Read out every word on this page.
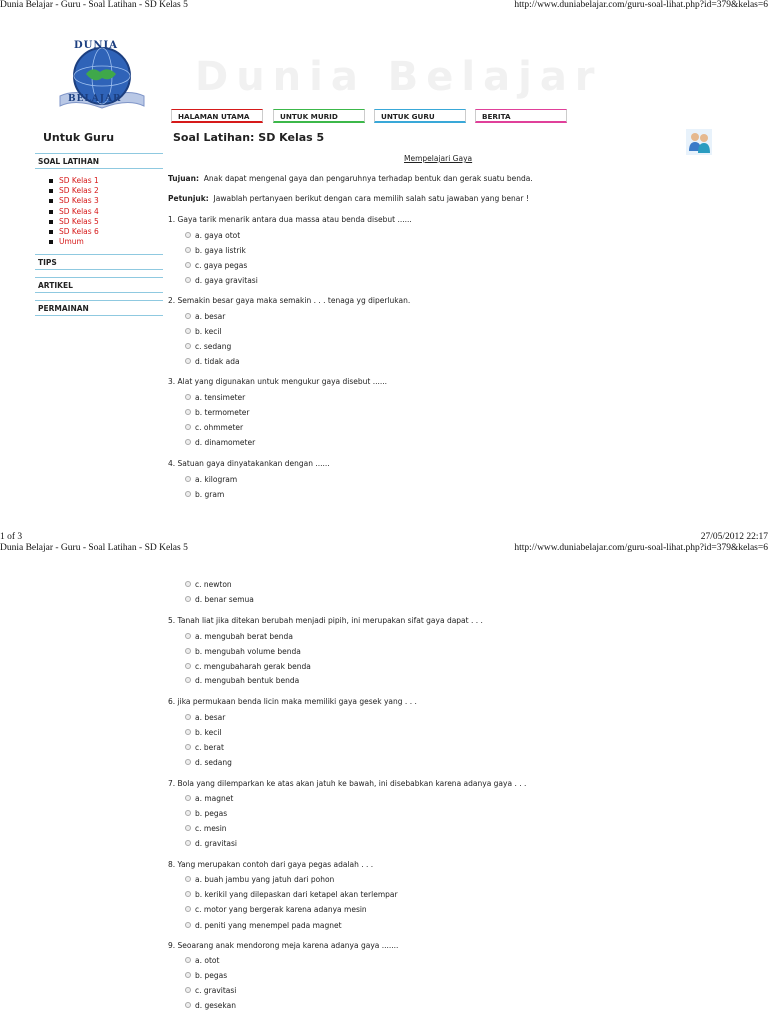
Dunia Belajar - Guru - Soal Latihan - SD Kelas 5	http://www.duniabelajar.com/guru-soal-lihat.php?id=379&kelas=6
DUNIA
BELAJAR Dunia Belajar
HALAMAN UTAMA	UNTUK MURID	UNTUK GURU	BERITA
Untuk Guru	Soal Latihan: SD Kelas 5
SOAL LATIHAN
SD Kelas 1
SD Kelas 2
SD Kelas 3
SD Kelas 4
SD Kelas 5
SD Kelas 6
Umum
TIPS
ARTIKEL
PERMAINAN
Mempelajari Gaya
Tujuan: Anak dapat mengenal gaya dan pengaruhnya terhadap bentuk dan gerak suatu benda.
Petunjuk: Jawablah pertanyaen berikut dengan cara memilih salah satu jawaban yang benar !
1. Gaya tarik menarik antara dua massa atau benda disebut ......
a. gaya otot
b. gaya listrik
c. gaya pegas
d. gaya gravitasi
2. Semakin besar gaya maka semakin . . . tenaga yg diperlukan.
a. besar
b. kecil
c. sedang
d. tidak ada
3. Alat yang digunakan untuk mengukur gaya disebut ......
a. tensimeter
b. termometer
c. ohmmeter
d. dinamometer
4. Satuan gaya dinyatakankan dengan ......
a. kilogram
b. gram
1 of 3	27/05/2012 22:17
Dunia Belajar - Guru - Soal Latihan - SD Kelas 5	http://www.duniabelajar.com/guru-soal-lihat.php?id=379&kelas=6
c. newton
d. benar semua
5. Tanah liat jika ditekan berubah menjadi pipih, ini merupakan sifat gaya dapat . . .
a. mengubah berat benda
b. mengubah volume benda
c. mengubaharah gerak benda
d. mengubah bentuk benda
6. jika permukaan benda licin maka memiliki gaya gesek yang . . .
a. besar
b. kecil
c. berat
d. sedang
7. Bola yang dilemparkan ke atas akan jatuh ke bawah, ini disebabkan karena adanya gaya . . .
a. magnet
b. pegas
c. mesin
d. gravitasi
8. Yang merupakan contoh dari gaya pegas adalah . . .
a. buah jambu yang jatuh dari pohon
b. kerikil yang dilepaskan dari ketapel akan terlempar
c. motor yang bergerak karena adanya mesin
d. peniti yang menempel pada magnet
9. Seoarang anak mendorong meja karena adanya gaya .......
a. otot
b. pegas
c. gravitasi
d. gesekan
